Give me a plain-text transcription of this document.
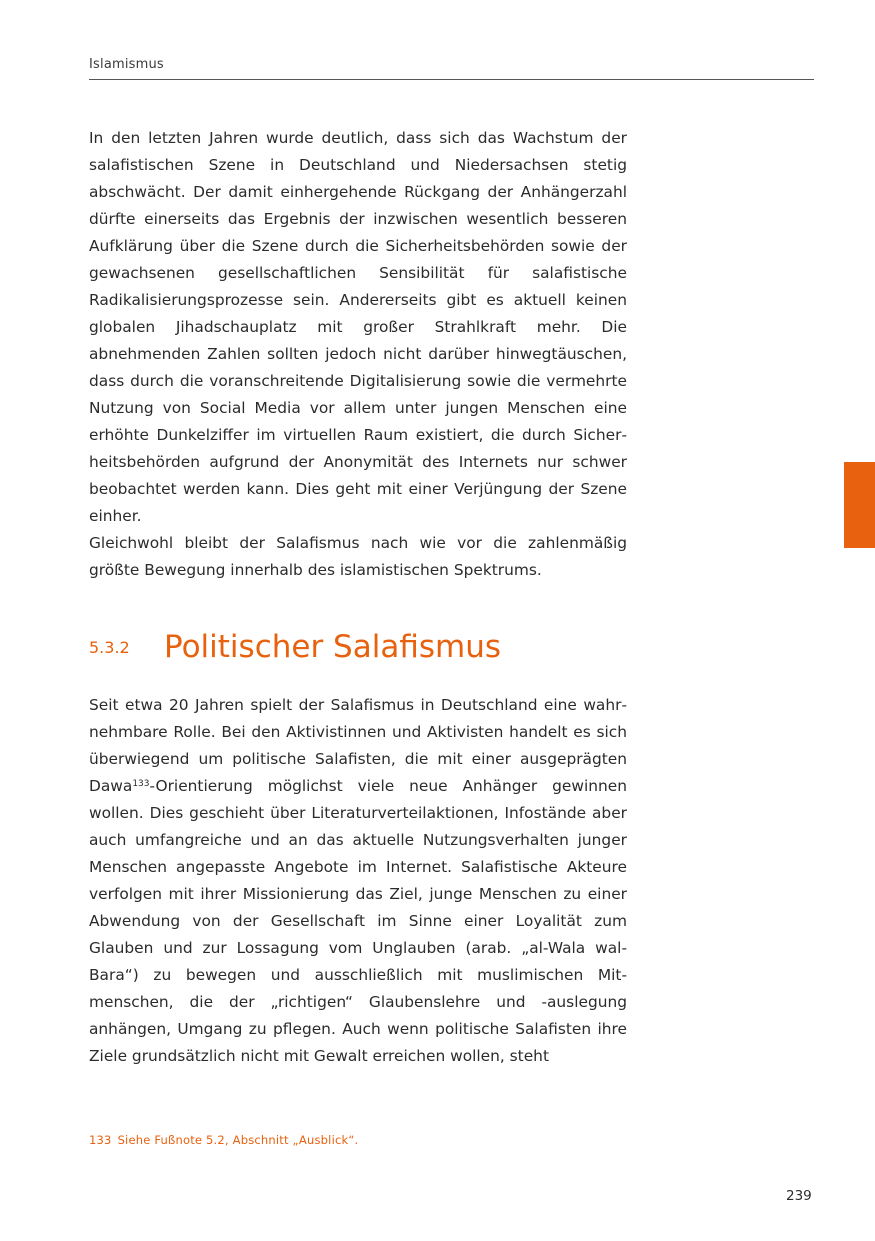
Islamismus

In den letzten Jahren wurde deutlich, dass sich das Wachstum der salafistischen Szene in Deutschland und Niedersachsen stetig abschwächt. Der damit einhergehende Rückgang der Anhängerzahl dürfte einerseits das Ergebnis der inzwischen wesentlich besseren Aufklärung über die Szene durch die Sicherheitsbehörden sowie der gewachsenen gesellschaftlichen Sensibilität für salafistische Radikalisierungsprozesse sein. Andererseits gibt es aktuell keinen globalen Jihadschauplatz mit großer Strahlkraft mehr. Die abnehmenden Zahlen sollten jedoch nicht darüber hinwegtäuschen, dass durch die voranschreitende Digitalisierung sowie die vermehrte Nutzung von Social Media vor allem unter jungen Menschen eine erhöhte Dunkelziffer im virtuellen Raum existiert, die durch Sicherheitsbehörden aufgrund der Anonymität des Internets nur schwer beobachtet werden kann. Dies geht mit einer Verjüngung der Szene einher.

Gleichwohl bleibt der Salafismus nach wie vor die zahlenmäßig größte Bewegung innerhalb des islamistischen Spektrums.

5.3.2	Politischer Salafismus

Seit etwa 20 Jahren spielt der Salafismus in Deutschland eine wahrnehmbare Rolle. Bei den Aktivistinnen und Aktivisten handelt es sich überwiegend um politische Salafisten, die mit einer ausgeprägten Dawa$^{133}$-Orientierung möglichst viele neue Anhänger gewinnen wollen. Dies geschieht über Literaturverteilaktionen, Infostände aber auch umfangreiche und an das aktuelle Nutzungsverhalten junger Menschen angepasste Angebote im Internet. Salafistische Akteure verfolgen mit ihrer Missionierung das Ziel, junge Menschen zu einer Abwendung von der Gesellschaft im Sinne einer Loyalität zum Glauben und zur Lossagung vom Unglauben (arab. „al-Wala wal-Bara“) zu bewegen und ausschließlich mit muslimischen Mitmenschen, die der „richtigen“ Glaubenslehre und -auslegung anhängen, Umgang zu pflegen. Auch wenn politische Salafisten ihre Ziele grundsätzlich nicht mit Gewalt erreichen wollen, steht

133 Siehe Fußnote 5.2, Abschnitt „Ausblick“.
239
